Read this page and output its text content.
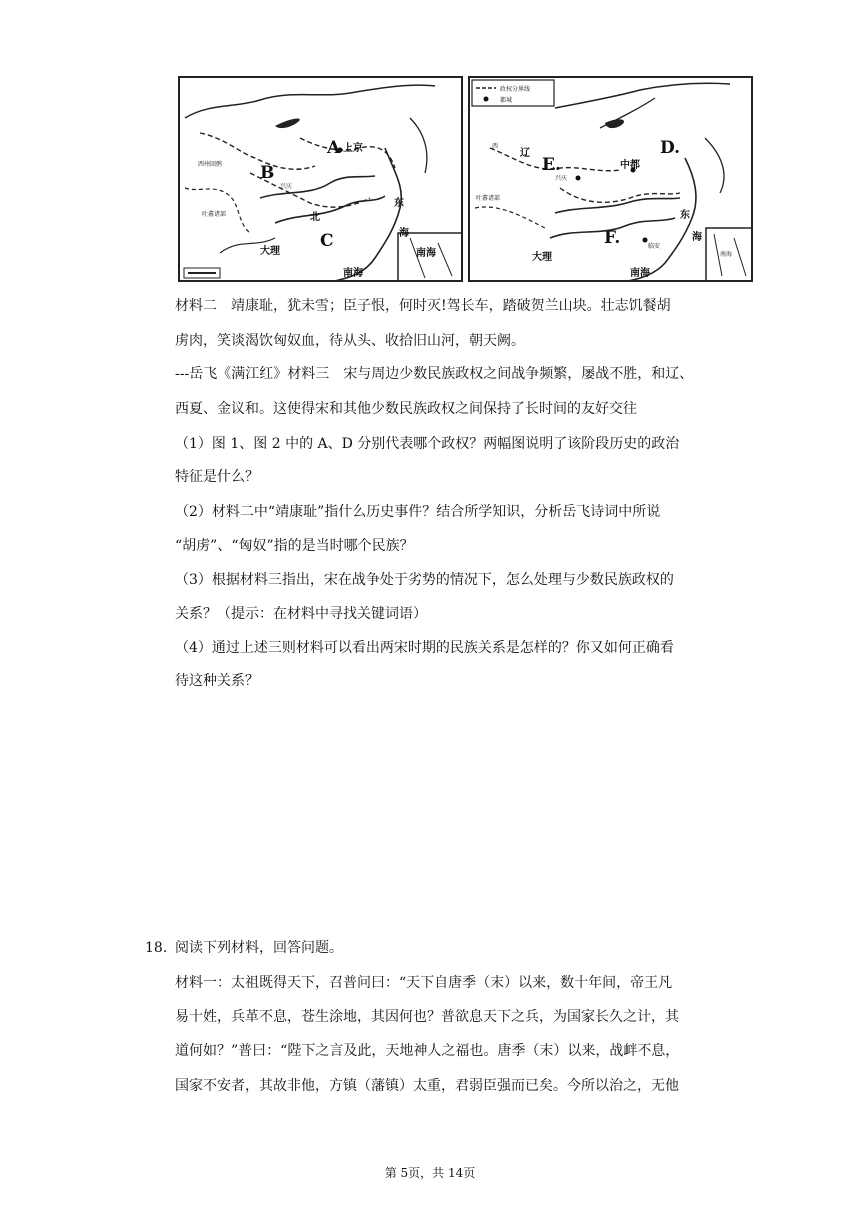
A 上京
B
C
东
海
南海
大理	南海
西州回鹘
吐蕃诸部	北
兴庆
政权分界线
都城
D.
E.
F.
中都
兴庆
西
辽
东
海
南海
临安
大理
吐蕃诸部
南海

材料二　靖康耻，犹未雪；臣子恨，何时灭!驾长车，踏破贺兰山块。壮志饥餐胡

虏肉，笑谈渴饮匈奴血，待从头、收拾旧山河，朝天阙。

---岳飞《满江红》材料三　宋与周边少数民族政权之间战争频繁，屡战不胜，和辽、

西夏、金议和。这使得宋和其他少数民族政权之间保持了长时间的友好交往

（1）图 1、图 2 中的 A、D 分别代表哪个政权？两幅图说明了该阶段历史的政治

特征是什么？

（2）材料二中“靖康耻”指什么历史事件？结合所学知识，分析岳飞诗词中所说

“胡虏”、“匈奴”指的是当时哪个民族？

（3）根据材料三指出，宋在战争处于劣势的情况下，怎么处理与少数民族政权的

关系？（提示：在材料中寻找关键词语）

（4）通过上述三则材料可以看出两宋时期的民族关系是怎样的？你又如何正确看

待这种关系？

18. 阅读下列材料，回答问题。

材料一：太祖既得天下，召普问曰：“天下自唐季（末）以来，数十年间，帝王凡

易十姓，兵革不息，苍生涂地，其因何也？普欲息天下之兵，为国家长久之计，其

道何如？”普曰：“陛下之言及此，天地神人之福也。唐季（末）以来，战衅不息，

国家不安者，其故非他，方镇（藩镇）太重，君弱臣强而已矣。今所以治之，无他

第 5页，共 14页
